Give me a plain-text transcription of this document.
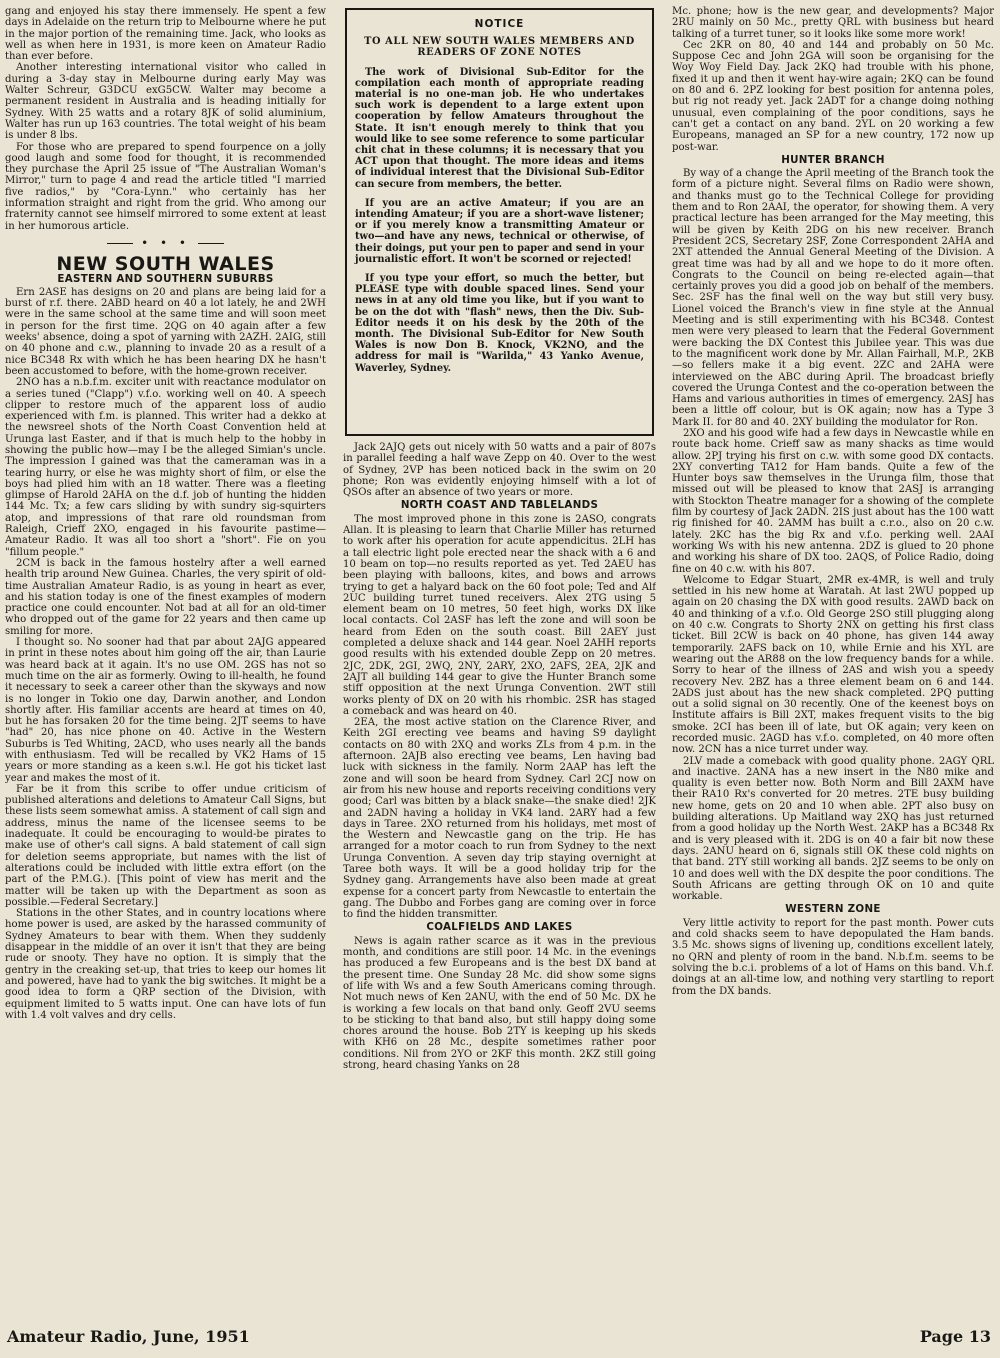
gang and enjoyed his stay there immensely. He spent a few days in Adelaide on the return trip to Melbourne where he put in the major portion of the remaining time. Jack, who looks as well as when here in 1931, is more keen on Amateur Radio than ever before.

Another interesting international visitor who called in during a 3-day stay in Melbourne during early May was Walter Schreur, G3DCU exG5CW. Walter may become a permanent resident in Australia and is heading initially for Sydney. With 25 watts and a rotary 8JK of solid aluminium, Walter has run up 163 countries. The total weight of his beam is under 8 lbs.

For those who are prepared to spend fourpence on a jolly good laugh and some food for thought, it is recommended they purchase the April 25 issue of "The Australian Woman's Mirror," turn to page 4 and read the article titled "I married five radios," by "Cora-Lynn." who certainly has her information straight and right from the grid. Who among our fraternity cannot see himself mirrored to some extent at least in her humorous article.

• • •
NEW SOUTH WALES
EASTERN AND SOUTHERN SUBURBS

Ern 2ASE has designs on 20 and plans are being laid for a burst of r.f. there. 2ABD heard on 40 a lot lately, he and 2WH were in the same school at the same time and will soon meet in person for the first time. 2QG on 40 again after a few weeks' absence, doing a spot of yarning with 2AZH. 2AIG, still on 40 phone and c.w., planning to invade 20 as a result of a nice BC348 Rx with which he has been hearing DX he hasn't been accustomed to before, with the home-grown receiver.

2NO has a n.b.f.m. exciter unit with reactance modulator on a series tuned ("Clapp") v.f.o. working well on 40. A speech clipper to restore much of the apparent loss of audio experienced with f.m. is planned. This writer had a dekko at the newsreel shots of the North Coast Convention held at Urunga last Easter, and if that is much help to the hobby in showing the public how—may I be the alleged Simian's uncle. The impression I gained was that the cameraman was in a tearing hurry, or else he was mighty short of film, or else the boys had plied him with an 18 watter. There was a fleeting glimpse of Harold 2AHA on the d.f. job of hunting the hidden 144 Mc. Tx; a few cars sliding by with sundry sig-squirters atop, and impressions of that rare old roundsman from Raleigh, Crieff 2XO, engaged in his favourite pastime—Amateur Radio. It was all too short a "short". Fie on you "fillum people."

2CM is back in the famous hostelry after a well earned health trip around New Guinea. Charles, the very spirit of old-time Australian Amateur Radio, is as young in heart as ever, and his station today is one of the finest examples of modern practice one could encounter. Not bad at all for an old-timer who dropped out of the game for 22 years and then came up smiling for more.

I thought so. No sooner had that par about 2AJG appeared in print in these notes about him going off the air, than Laurie was heard back at it again. It's no use OM. 2GS has not so much time on the air as formerly. Owing to ill-health, he found it necessary to seek a career other than the skyways and now is no longer in Tokio one day, Darwin another, and London shortly after. His familiar accents are heard at times on 40, but he has forsaken 20 for the time being. 2JT seems to have "had" 20, has nice phone on 40. Active in the Western Suburbs is Ted Whiting, 2ACD, who uses nearly all the bands with enthusiasm. Ted will be recalled by VK2 Hams of 15 years or more standing as a keen s.w.l. He got his ticket last year and makes the most of it.

Far be it from this scribe to offer undue criticism of published alterations and deletions to Amateur Call Signs, but these lists seem somewhat amiss. A statement of call sign and address, minus the name of the licensee seems to be inadequate. It could be encouraging to would-be pirates to make use of other's call signs. A bald statement of call sign for deletion seems appropriate, but names with the list of alterations could be included with little extra effort (on the part of the P.M.G.). [This point of view has merit and the matter will be taken up with the Department as soon as possible.—Federal Secretary.]

Stations in the other States, and in country locations where home power is used, are asked by the harassed community of Sydney Amateurs to bear with them. When they suddenly disappear in the middle of an over it isn't that they are being rude or snooty. They have no option. It is simply that the gentry in the creaking set-up, that tries to keep our homes lit and powered, have had to yank the big switches. It might be a good idea to form a QRP section of the Division, with equipment limited to 5 watts input. One can have lots of fun with 1.4 volt valves and dry cells.

NOTICE
TO ALL NEW SOUTH WALES MEMBERS AND READERS OF ZONE NOTES

The work of Divisional Sub-Editor for the compilation each month of appropriate reading material is no one-man job. He who undertakes such work is dependent to a large extent upon cooperation by fellow Amateurs throughout the State. It isn't enough merely to think that you would like to see some reference to some particular chit chat in these columns; it is necessary that you ACT upon that thought. The more ideas and items of individual interest that the Divisional Sub-Editor can secure from members, the better.

If you are an active Amateur; if you are an intending Amateur; if you are a short-wave listener; or if you merely know a transmitting Amateur or two—and have any news, technical or otherwise, of their doings, put your pen to paper and send in your journalistic effort. It won't be scorned or rejected!

If you type your effort, so much the better, but PLEASE type with double spaced lines. Send your news in at any old time you like, but if you want to be on the dot with "flash" news, then the Div. Sub-Editor needs it on his desk by the 20th of the month. The Divisional Sub-Editor for New South Wales is now Don B. Knock, VK2NO, and the address for mail is "Warilda," 43 Yanko Avenue, Waverley, Sydney.

Jack 2AJQ gets out nicely with 50 watts and a pair of 807s in parallel feeding a half wave Zepp on 40. Over to the west of Sydney, 2VP has been noticed back in the swim on 20 phone; Ron was evidently enjoying himself with a lot of QSOs after an absence of two years or more.

NORTH COAST AND TABLELANDS

The most improved phone in this zone is 2ASO, congrats Allan. It is pleasing to learn that Charlie Miller has returned to work after his operation for acute appendicitus. 2LH has a tall electric light pole erected near the shack with a 6 and 10 beam on top—no results reported as yet. Ted 2AEU has been playing with balloons, kites, and bows and arrows trying to get a halyard back on the 60 foot pole; Ted and Alf 2UC building turret tuned receivers. Alex 2TG using 5 element beam on 10 metres, 50 feet high, works DX like local contacts. Col 2ASF has left the zone and will soon be heard from Eden on the south coast. Bill 2AEY just completed a deluxe shack and 144 gear. Noel 2AHH reports good results with his extended double Zepp on 20 metres. 2JC, 2DK, 2GI, 2WQ, 2NY, 2ARY, 2XO, 2AFS, 2EA, 2JK and 2AJT all building 144 gear to give the Hunter Branch some stiff opposition at the next Urunga Convention. 2WT still works plenty of DX on 20 with his rhombic. 2SR has staged a comeback and was heard on 40.

2EA, the most active station on the Clarence River, and Keith 2GI erecting vee beams and having S9 daylight contacts on 80 with 2XQ and works ZLs from 4 p.m. in the afternoon. 2AJB also erecting vee beams, Len having bad luck with sickness in the family. Norm 2AAP has left the zone and will soon be heard from Sydney. Carl 2CJ now on air from his new house and reports receiving conditions very good; Carl was bitten by a black snake—the snake died! 2JK and 2ADN having a holiday in VK4 land. 2ARY had a few days in Taree. 2XO returned from his holidays, met most of the Western and Newcastle gang on the trip. He has arranged for a motor coach to run from Sydney to the next Urunga Convention. A seven day trip staying overnight at Taree both ways. It will be a good holiday trip for the Sydney gang. Arrangements have also been made at great expense for a concert party from Newcastle to entertain the gang. The Dubbo and Forbes gang are coming over in force to find the hidden transmitter.

COALFIELDS AND LAKES

News is again rather scarce as it was in the previous month, and conditions are still poor. 14 Mc. in the evenings has produced a few Europeans and is the best DX band at the present time. One Sunday 28 Mc. did show some signs of life with Ws and a few South Americans coming through. Not much news of Ken 2ANU, with the end of 50 Mc. DX he is working a few locals on that band only. Geoff 2VU seems to be sticking to that band also, but still happy doing some chores around the house. Bob 2TY is keeping up his skeds with KH6 on 28 Mc., despite sometimes rather poor conditions. Nil from 2YO or 2KF this month. 2KZ still going strong, heard chasing Yanks on 28

Mc. phone; how is the new gear, and developments? Major 2RU mainly on 50 Mc., pretty QRL with business but heard talking of a turret tuner, so it looks like some more work!

Cec 2KR on 80, 40 and 144 and probably on 50 Mc. Suppose Cec and John 2GA will soon be organising for the Woy Woy Field Day. Jack 2KQ had trouble with his phone, fixed it up and then it went hay-wire again; 2KQ can be found on 80 and 6. 2PZ looking for best position for antenna poles, but rig not ready yet. Jack 2ADT for a change doing nothing unusual, even complaining of the poor conditions, says he can't get a contact on any band. 2YL on 20 working a few Europeans, managed an SP for a new country, 172 now up post-war.

HUNTER BRANCH

By way of a change the April meeting of the Branch took the form of a picture night. Several films on Radio were shown, and thanks must go to the Technical College for providing them and to Ron 2AAI, the operator, for showing them. A very practical lecture has been arranged for the May meeting, this will be given by Keith 2DG on his new receiver. Branch President 2CS, Secretary 2SF, Zone Correspondent 2AHA and 2XT attended the Annual General Meeting of the Division. A great time was had by all and we hope to do it more often. Congrats to the Council on being re-elected again—that certainly proves you did a good job on behalf of the members. Sec. 2SF has the final well on the way but still very busy. Lionel voiced the Branch's view in fine style at the Annual Meeting and is still experimenting with his BC348. Contest men were very pleased to learn that the Federal Government were backing the DX Contest this Jubilee year. This was due to the magnificent work done by Mr. Allan Fairhall, M.P., 2KB—so fellers make it a big event. 2ZC and 2AHA were interviewed on the ABC during April. The broadcast briefly covered the Urunga Contest and the co-operation between the Hams and various authorities in times of emergency. 2ASJ has been a little off colour, but is OK again; now has a Type 3 Mark II. for 80 and 40. 2XY building the modulator for Ron.

2XO and his good wife had a few days in Newcastle while en route back home. Crieff saw as many shacks as time would allow. 2PJ trying his first on c.w. with some good DX contacts. 2XY converting TA12 for Ham bands. Quite a few of the Hunter boys saw themselves in the Urunga film, those that missed out will be pleased to know that 2ASJ is arranging with Stockton Theatre manager for a showing of the complete film by courtesy of Jack 2ADN. 2IS just about has the 100 watt rig finished for 40. 2AMM has built a c.r.o., also on 20 c.w. lately. 2KC has the big Rx and v.f.o. perking well. 2AAI working Ws with his new antenna. 2DZ is glued to 20 phone and working his share of DX too. 2AQS, of Police Radio, doing fine on 40 c.w. with his 807.

Welcome to Edgar Stuart, 2MR ex-4MR, is well and truly settled in his new home at Waratah. At last 2WU popped up again on 20 chasing the DX with good results. 2AWD back on 40 and thinking of a v.f.o. Old George 2SO still plugging along on 40 c.w. Congrats to Shorty 2NX on getting his first class ticket. Bill 2CW is back on 40 phone, has given 144 away temporarily. 2AFS back on 10, while Ernie and his XYL are wearing out the AR88 on the low frequency bands for a while. Sorry to hear of the illness of 2AS and wish you a speedy recovery Nev. 2BZ has a three element beam on 6 and 144. 2ADS just about has the new shack completed. 2PQ putting out a solid signal on 30 recently. One of the keenest boys on Institute affairs is Bill 2XT, makes frequent visits to the big smoke. 2CI has been ill of late, but OK again; very keen on recorded music. 2AGD has v.f.o. completed, on 40 more often now. 2CN has a nice turret under way.

2LV made a comeback with good quality phone. 2AGY QRL and inactive. 2ANA has a new insert in the N80 mike and quality is even better now. Both Norm and Bill 2AXM have their RA10 Rx's converted for 20 metres. 2TE busy building new home, gets on 20 and 10 when able. 2PT also busy on building alterations. Up Maitland way 2XQ has just returned from a good holiday up the North West. 2AKP has a BC348 Rx and is very pleased with it. 2DG is on 40 a fair bit now these days. 2ANU heard on 6, signals still OK these cold nights on that band. 2TY still working all bands. 2JZ seems to be only on 10 and does well with the DX despite the poor conditions. The South Africans are getting through OK on 10 and quite workable.

WESTERN ZONE

Very little activity to report for the past month. Power cuts and cold shacks seem to have depopulated the Ham bands. 3.5 Mc. shows signs of livening up, conditions excellent lately, no QRN and plenty of room in the band. N.b.f.m. seems to be solving the b.c.i. problems of a lot of Hams on this band. V.h.f. doings at an all-time low, and nothing very startling to report from the DX bands.

Amateur Radio, June, 1951	Page 13
